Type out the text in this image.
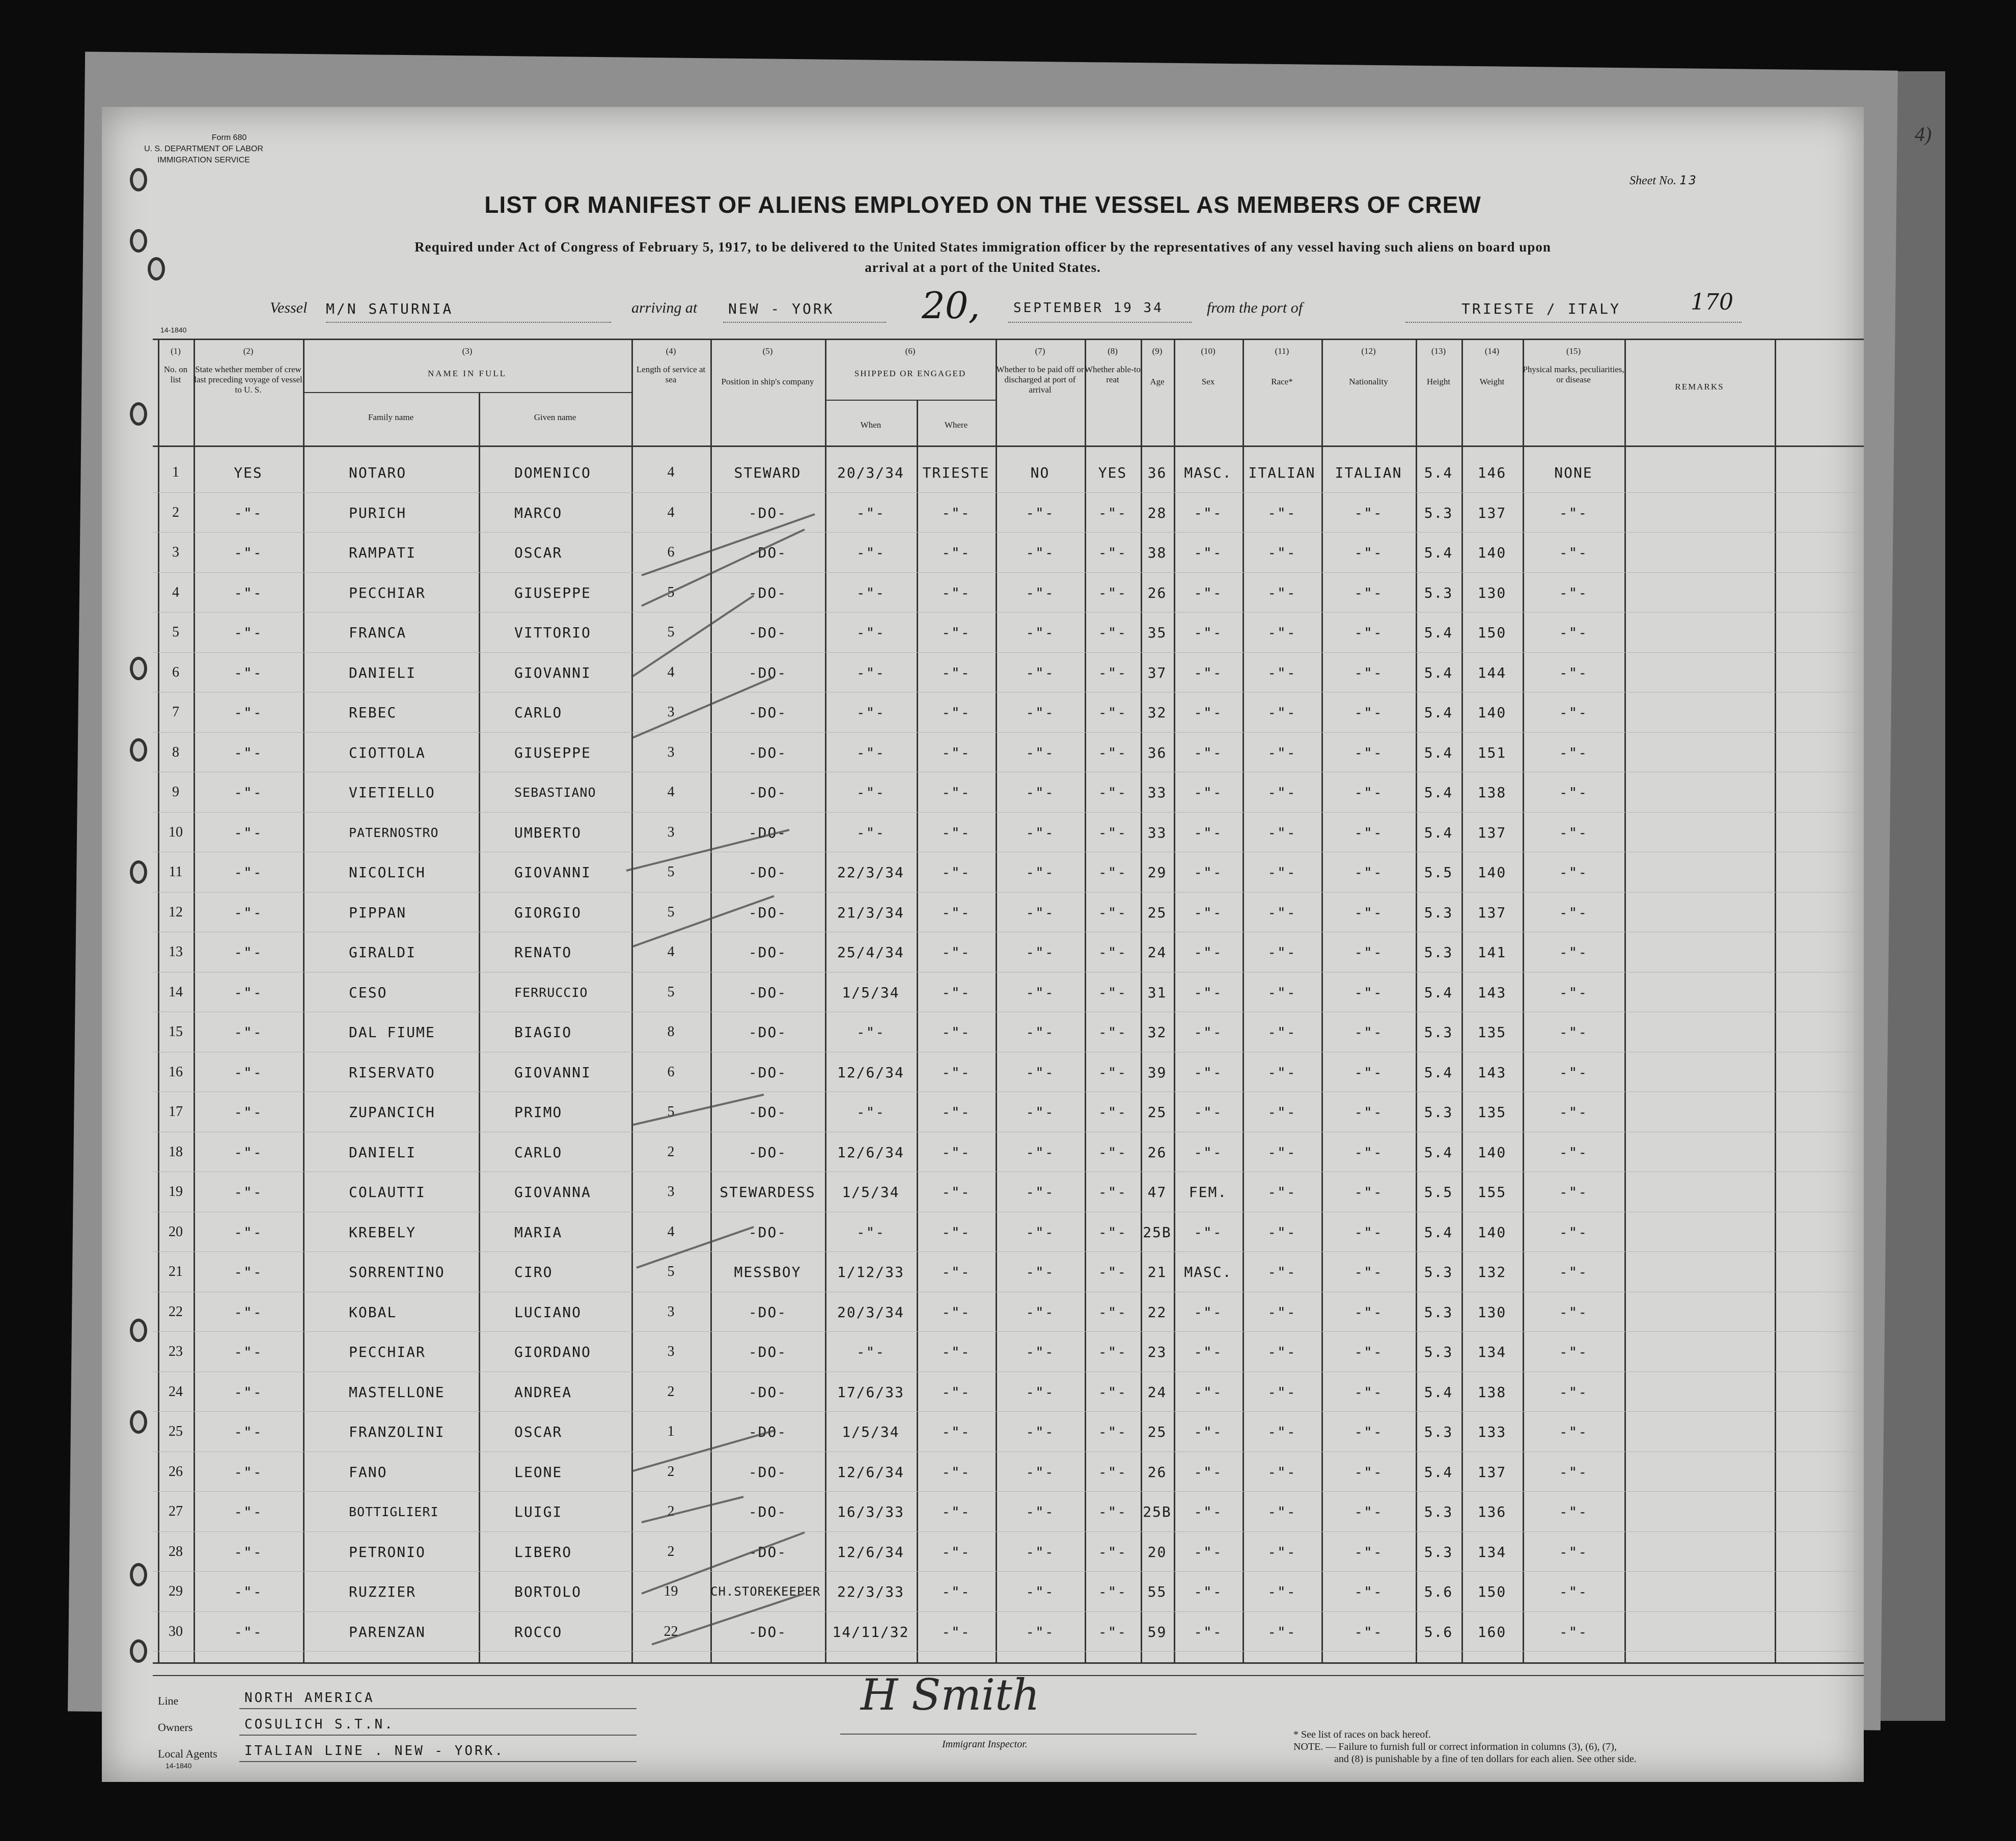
Form 680
U. S. DEPARTMENT OF LABOR
IMMIGRATION SERVICE
Sheet No. 13
4)
LIST OR MANIFEST OF ALIENS EMPLOYED ON THE VESSEL AS MEMBERS OF CREW
Required under Act of Congress of February 5, 1917, to be delivered to the United States immigration officer by the representatives of any vessel having such aliens on board upon
arrival at a port of the United States.
Vessel M/N SATURNIA	arriving at NEW - YORK 20,	SEPTEMBER 19 34	from the port of	TRIESTE / ITALY	170
14-1840
(1)
No. on list
(2)
State whether member of crew last preceding voyage of vessel to U. S.
(3)
NAME IN FULL
Family name	Given name
(4)
Length of service at sea
(5)
Position in ship's company
(6)
SHIPPED OR ENGAGED
When	Where
(7)
Whether to be paid off or discharged at port of arrival
(8)
Whether able-to reat
(9)
Age
(10)
Sex
(11)
Race*
(12)
Nationality
(13)
Height
(14)
Weight
(15)
Physical marks, peculiarities, or disease
REMARKS
1	YES	NOTARO	DOMENICO	4	STEWARD	20/3/34	TRIESTE	NO	YES	36	MASC.	ITALIAN	ITALIAN	5.4	146	NONE
2	-"-	PURICH	MARCO	4	-DO-	-"-	-"-	-"-	-"-	28	-"-	-"-	-"-	5.3	137	-"-
3	-"-	RAMPATI	OSCAR	6	-DO-	-"-	-"-	-"-	-"-	38	-"-	-"-	-"-	5.4	140	-"-
4	-"-	PECCHIAR	GIUSEPPE	5	-DO-	-"-	-"-	-"-	-"-	26	-"-	-"-	-"-	5.3	130	-"-
5	-"-	FRANCA	VITTORIO	5	-DO-	-"-	-"-	-"-	-"-	35	-"-	-"-	-"-	5.4	150	-"-
6	-"-	DANIELI	GIOVANNI	4	-DO-	-"-	-"-	-"-	-"-	37	-"-	-"-	-"-	5.4	144	-"-
7	-"-	REBEC	CARLO	3	-DO-	-"-	-"-	-"-	-"-	32	-"-	-"-	-"-	5.4	140	-"-
8	-"-	CIOTTOLA	GIUSEPPE	3	-DO-	-"-	-"-	-"-	-"-	36	-"-	-"-	-"-	5.4	151	-"-
9	-"-	VIETIELLO	SEBASTIANO	4	-DO-	-"-	-"-	-"-	-"-	33	-"-	-"-	-"-	5.4	138	-"-
10	-"-	PATERNOSTRO	UMBERTO	3	-DO-	-"-	-"-	-"-	-"-	33	-"-	-"-	-"-	5.4	137	-"-
11	-"-	NICOLICH	GIOVANNI	5	-DO-	22/3/34	-"-	-"-	-"-	29	-"-	-"-	-"-	5.5	140	-"-
12	-"-	PIPPAN	GIORGIO	5	-DO-	21/3/34	-"-	-"-	-"-	25	-"-	-"-	-"-	5.3	137	-"-
13	-"-	GIRALDI	RENATO	4	-DO-	25/4/34	-"-	-"-	-"-	24	-"-	-"-	-"-	5.3	141	-"-
14	-"-	CESO	FERRUCCIO	5	-DO-	1/5/34	-"-	-"-	-"-	31	-"-	-"-	-"-	5.4	143	-"-
15	-"-	DAL FIUME	BIAGIO	8	-DO-	-"-	-"-	-"-	-"-	32	-"-	-"-	-"-	5.3	135	-"-
16	-"-	RISERVATO	GIOVANNI	6	-DO-	12/6/34	-"-	-"-	-"-	39	-"-	-"-	-"-	5.4	143	-"-
17	-"-	ZUPANCICH	PRIMO	5	-DO-	-"-	-"-	-"-	-"-	25	-"-	-"-	-"-	5.3	135	-"-
18	-"-	DANIELI	CARLO	2	-DO-	12/6/34	-"-	-"-	-"-	26	-"-	-"-	-"-	5.4	140	-"-
19	-"-	COLAUTTI	GIOVANNA	3	STEWARDESS	1/5/34	-"-	-"-	-"-	47	FEM.	-"-	-"-	5.5	155	-"-
20	-"-	KREBELY	MARIA	4	-DO-	-"-	-"-	-"-	-"-	25B	-"-	-"-	-"-	5.4	140	-"-
21	-"-	SORRENTINO	CIRO	5	MESSBOY	1/12/33	-"-	-"-	-"-	21	MASC.	-"-	-"-	5.3	132	-"-
22	-"-	KOBAL	LUCIANO	3	-DO-	20/3/34	-"-	-"-	-"-	22	-"-	-"-	-"-	5.3	130	-"-
23	-"-	PECCHIAR	GIORDANO	3	-DO-	-"-	-"-	-"-	-"-	23	-"-	-"-	-"-	5.3	134	-"-
24	-"-	MASTELLONE	ANDREA	2	-DO-	17/6/33	-"-	-"-	-"-	24	-"-	-"-	-"-	5.4	138	-"-
25	-"-	FRANZOLINI	OSCAR	1	-DO-	1/5/34	-"-	-"-	-"-	25	-"-	-"-	-"-	5.3	133	-"-
26	-"-	FANO	LEONE	2	-DO-	12/6/34	-"-	-"-	-"-	26	-"-	-"-	-"-	5.4	137	-"-
27	-"-	BOTTIGLIERI	LUIGI	2	-DO-	16/3/33	-"-	-"-	-"-	25B	-"-	-"-	-"-	5.3	136	-"-
28	-"-	PETRONIO	LIBERO	2	-DO-	12/6/34	-"-	-"-	-"-	20	-"-	-"-	-"-	5.3	134	-"-
29	-"-	RUZZIER	BORTOLO	19	CH.STOREKEEPER	22/3/33	-"-	-"-	-"-	55	-"-	-"-	-"-	5.6	150	-"-
30	-"-	PARENZAN	ROCCO	22	-DO-	14/11/32	-"-	-"-	-"-	59	-"-	-"-	-"-	5.6	160	-"-
Line	NORTH AMERICA
Owners	COSULICH S.T.N.
Local Agents ITALIAN LINE . NEW - YORK.
14-1840
H Smith
Immigrant Inspector.
* See list of races on back hereof.
NOTE. — Failure to furnish full or correct information in columns (3), (6), (7),
and (8) is punishable by a fine of ten dollars for each alien. See other side.
